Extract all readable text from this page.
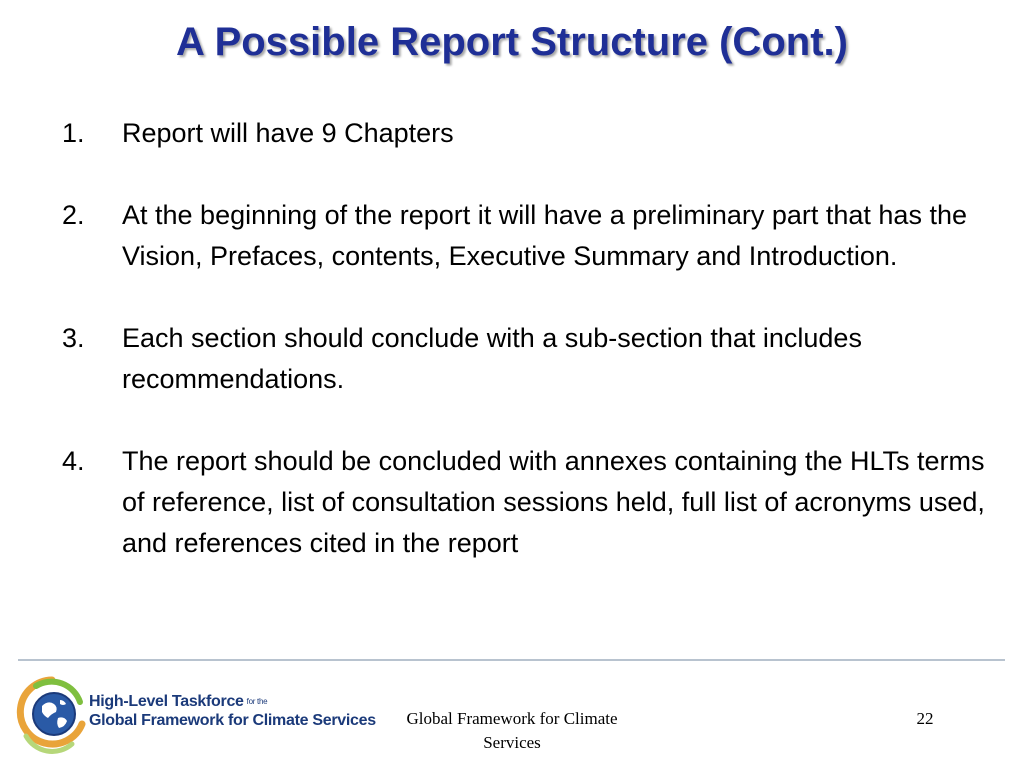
A Possible Report Structure (Cont.)
1. Report will have 9 Chapters
2. At the beginning of the report it will have a preliminary part that has the Vision, Prefaces, contents, Executive Summary and Introduction.
3. Each section should conclude with a sub-section that includes recommendations.
4. The report should be concluded with annexes containing the HLTs terms of reference, list of consultation sessions held, full list of acronyms used, and references cited in the report
High-Level Taskforce for the
Global Framework for Climate Services	Global Framework for Climate Services
22
